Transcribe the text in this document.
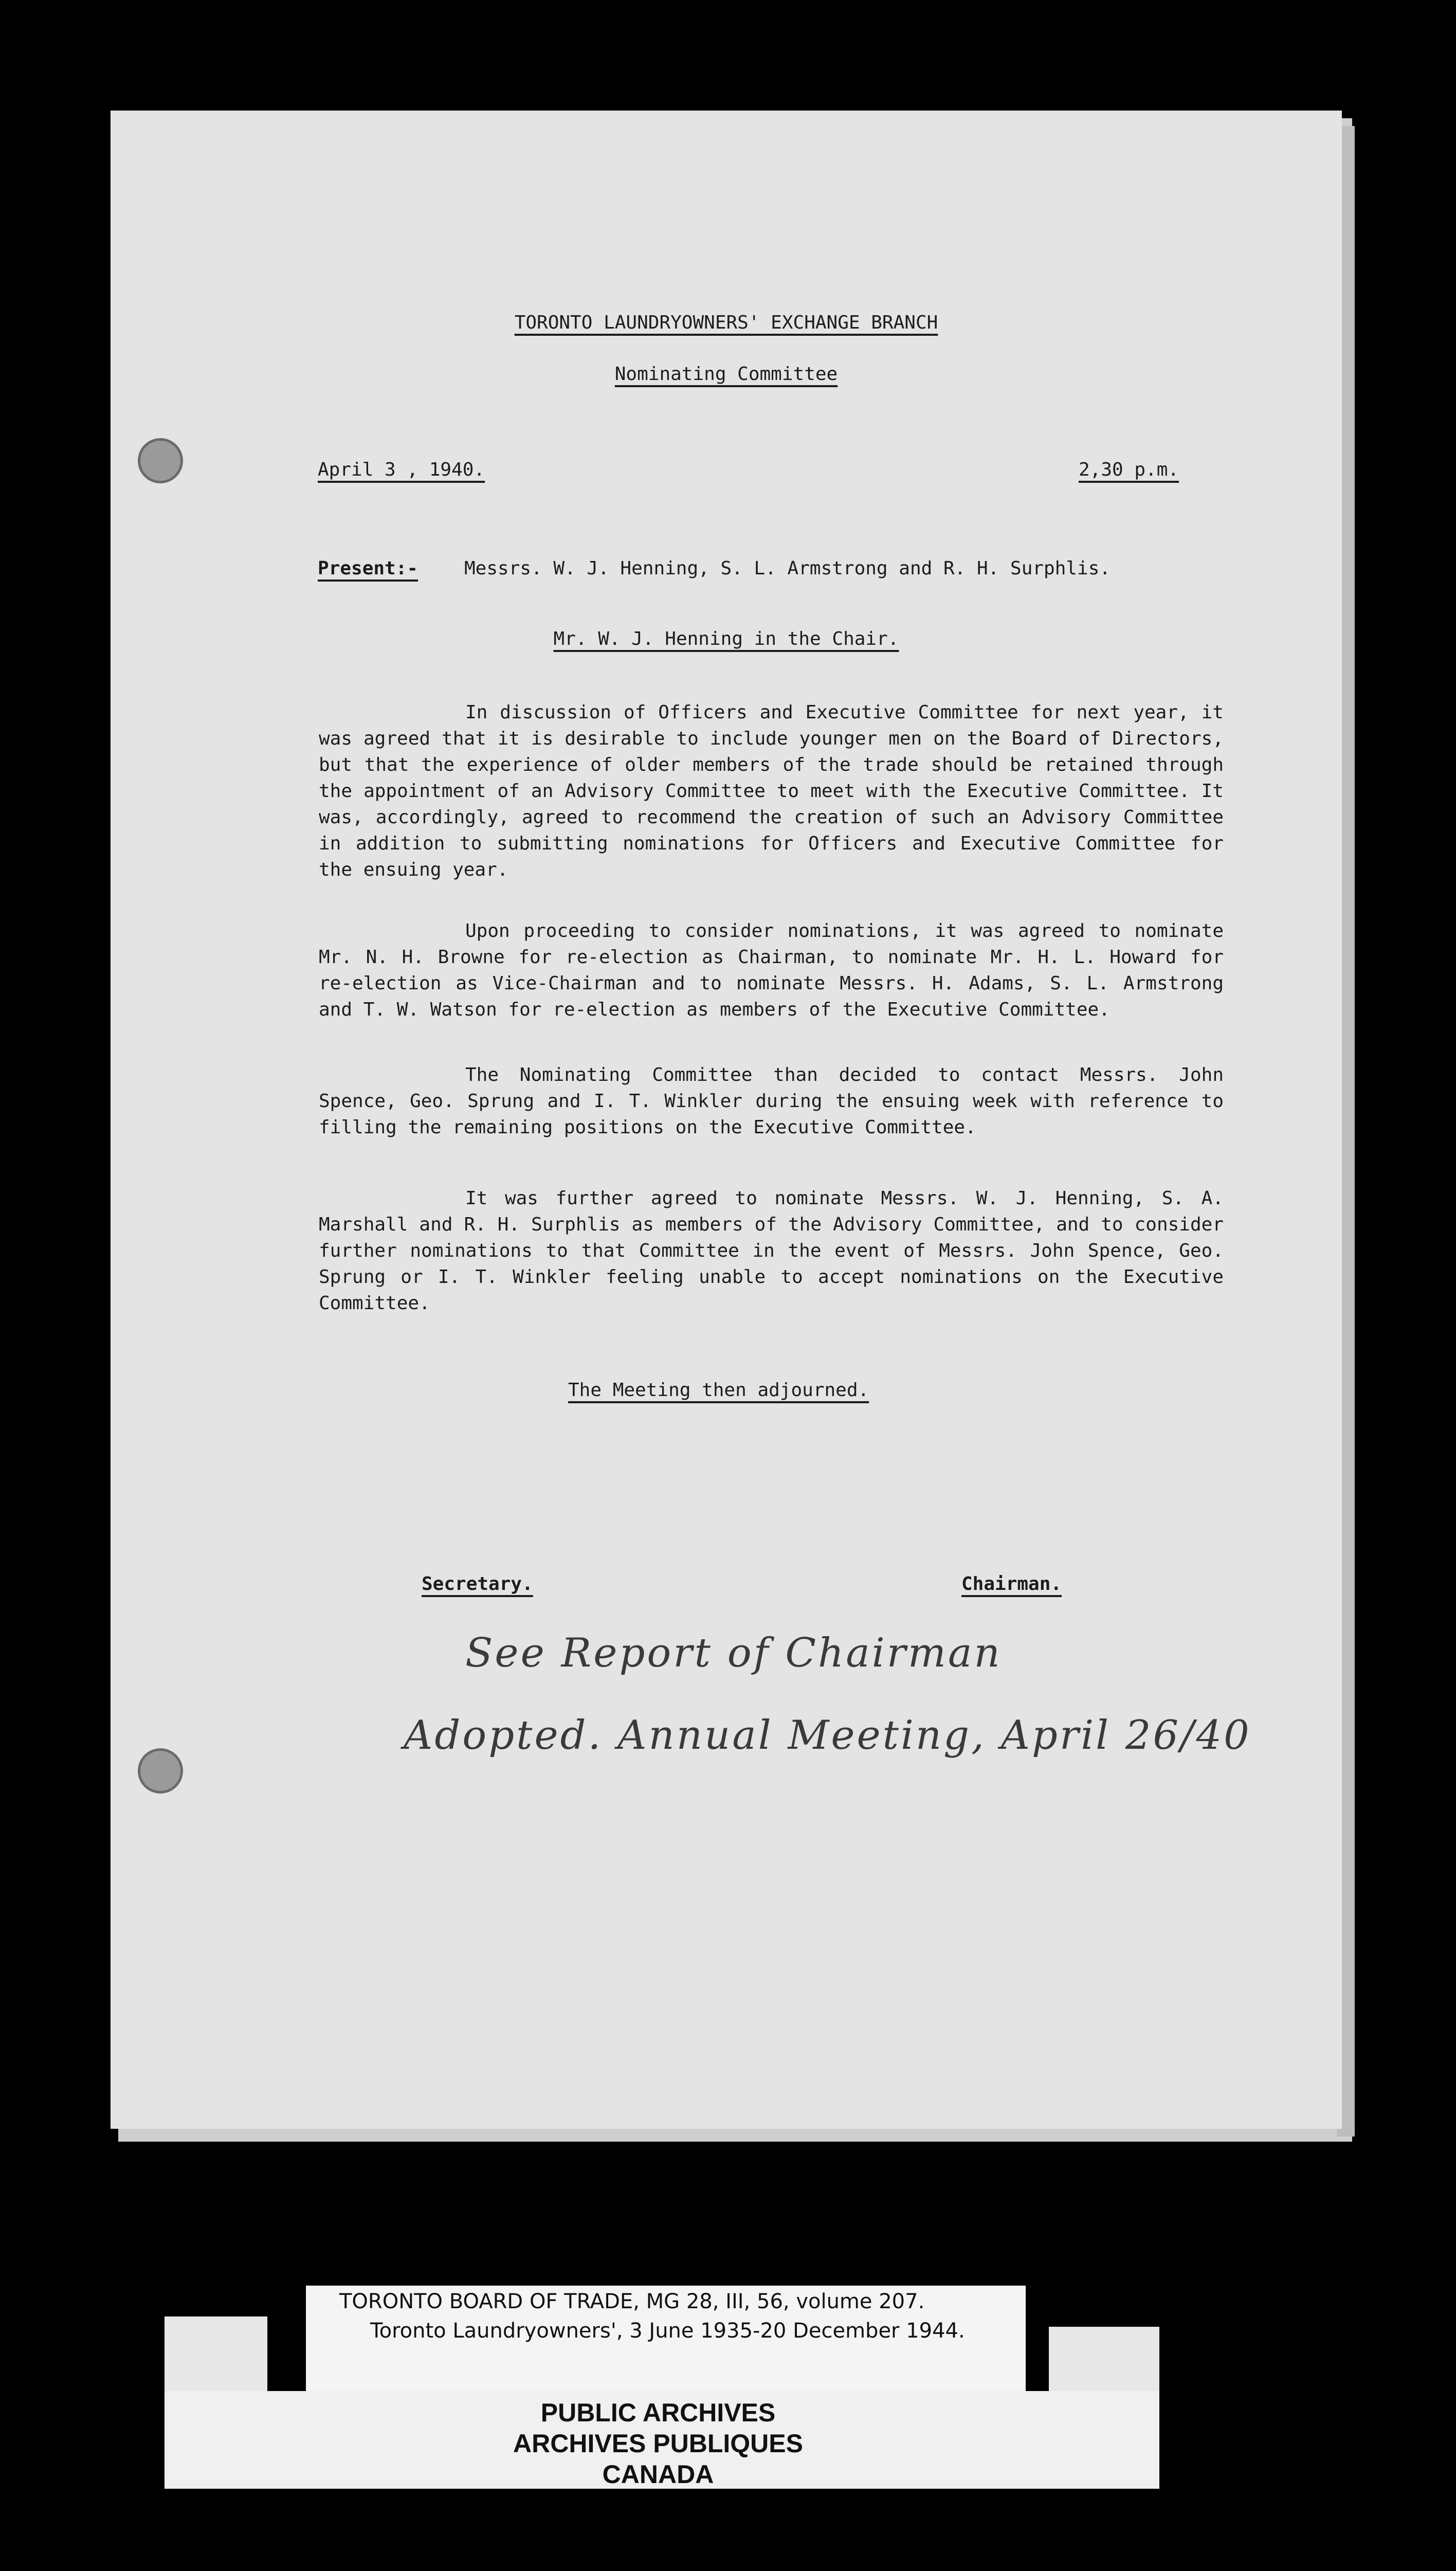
TORONTO LAUNDRYOWNERS' EXCHANGE BRANCH
Nominating Committee
April 3 , 1940.	2,30 p.m.
Present:- Messrs. W. J. Henning, S. L. Armstrong and R. H. Surphlis.
Mr. W. J. Henning in the Chair.

In discussion of Officers and Executive Committee for next year, it was agreed that it is desirable to include younger men on the Board of Directors, but that the experience of older members of the trade should be retained through the appointment of an Advisory Committee to meet with the Executive Committee. It was, accordingly, agreed to recommend the creation of such an Advisory Committee in addition to submitting nominations for Officers and Executive Committee for the ensuing year.

Upon proceeding to consider nominations, it was agreed to nominate Mr. N. H. Browne for re-election as Chairman, to nominate Mr. H. L. Howard for re-election as Vice-Chairman and to nominate Messrs. H. Adams, S. L. Armstrong and T. W. Watson for re-election as members of the Executive Committee.

The Nominating Committee than decided to contact Messrs. John Spence, Geo. Sprung and I. T. Winkler during the ensuing week with reference to filling the remaining positions on the Executive Committee.

It was further agreed to nominate Messrs. W. J. Henning, S. A. Marshall and R. H. Surphlis as members of the Advisory Committee, and to consider further nominations to that Committee in the event of Messrs. John Spence, Geo. Sprung or I. T. Winkler feeling unable to accept nominations on the Executive Committee.

The Meeting then adjourned.
Secretary.	Chairman.
See Report of Chairman
Adopted. Annual Meeting, April 26/40
TORONTO BOARD OF TRADE, MG 28, III, 56, volume 207.
Toronto Laundryowners', 3 June 1935-20 December 1944.
PUBLIC ARCHIVES
ARCHIVES PUBLIQUES
CANADA
